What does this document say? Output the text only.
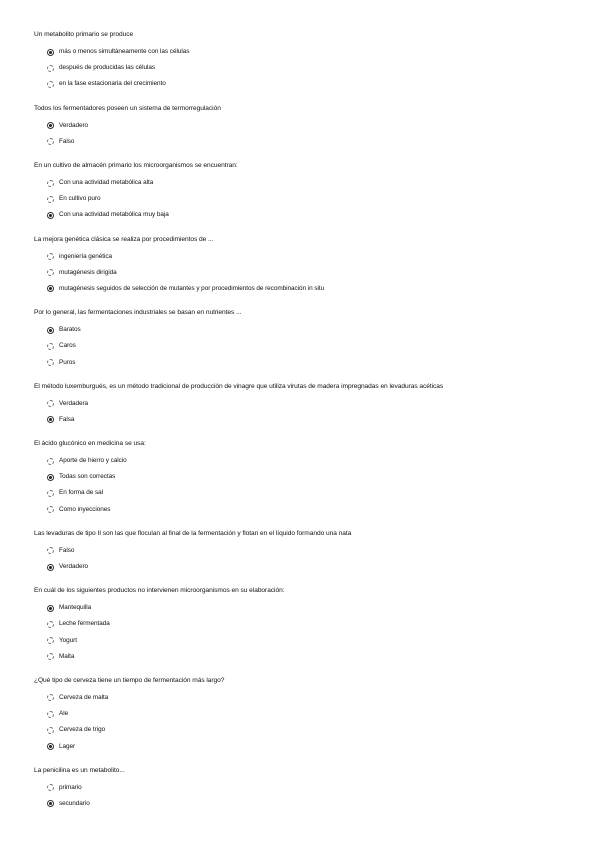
Un metabolito primario se produce
más o menos simultáneamente con las células
después de producidas las células
en la fase estacionaria del crecimiento
Todos los fermentadores poseen un sistema de termorregulación
Verdadero
Falso
En un cultivo de almacén primario los microorganismos se encuentran:
Con una actividad metabólica alta
En cultivo puro
Con una actividad metabólica muy baja
La mejora genética clásica se realiza por procedimientos de ...
ingeniería genética
mutagénesis dirigida
mutagénesis seguidos de selección de mutantes y por procedimientos de recombinación in situ
Por lo general, las fermentaciones industriales se basan en nutrientes ...
Baratos
Caros
Puros
El método luxemburgués, es un método tradicional de producción de vinagre que utiliza virutas de madera impregnadas en levaduras acéticas
Verdadera
Falsa
El ácido glucónico en medicina se usa:
Aporte de hierro y calcio
Todas son correctas
En forma de sal
Como inyecciones
Las levaduras de tipo II son las que floculan al final de la fermentación y flotan en el líquido formando una nata
Falso
Verdadero
En cuál de los siguientes productos no intervienen microorganismos en su elaboración:
Mantequilla
Leche fermentada
Yogurt
Malta
¿Qué tipo de cerveza tiene un tiempo de fermentación más largo?
Cerveza de malta
Ale
Cerveza de trigo
Lager
La penicilina es un metabolito...
primario
secundario
